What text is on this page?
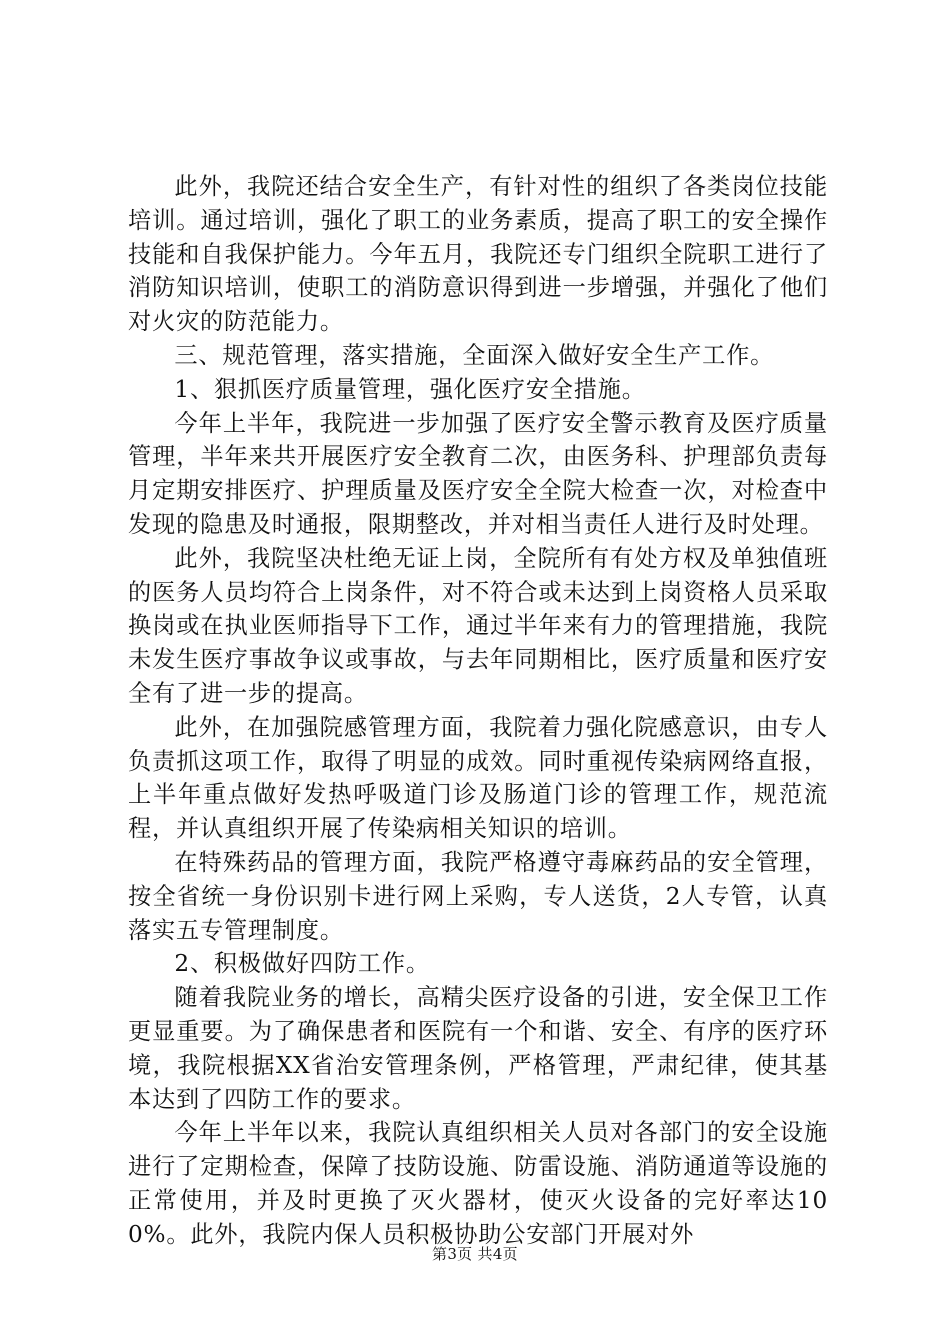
此外，我院还结合安全生产，有针对性的组织了各类岗位技能培训。通过培训，强化了职工的业务素质，提高了职工的安全操作技能和自我保护能力。今年五月，我院还专门组织全院职工进行了消防知识培训，使职工的消防意识得到进一步增强，并强化了他们对火灾的防范能力。

三、规范管理，落实措施，全面深入做好安全生产工作。

1、狠抓医疗质量管理，强化医疗安全措施。

今年上半年，我院进一步加强了医疗安全警示教育及医疗质量管理，半年来共开展医疗安全教育二次，由医务科、护理部负责每月定期安排医疗、护理质量及医疗安全全院大检查一次，对检查中发现的隐患及时通报，限期整改，并对相当责任人进行及时处理。

此外，我院坚决杜绝无证上岗，全院所有有处方权及单独值班的医务人员均符合上岗条件，对不符合或未达到上岗资格人员采取换岗或在执业医师指导下工作，通过半年来有力的管理措施，我院未发生医疗事故争议或事故，与去年同期相比，医疗质量和医疗安全有了进一步的提高。

此外，在加强院感管理方面，我院着力强化院感意识，由专人负责抓这项工作，取得了明显的成效。同时重视传染病网络直报，上半年重点做好发热呼吸道门诊及肠道门诊的管理工作，规范流程，并认真组织开展了传染病相关知识的培训。

在特殊药品的管理方面，我院严格遵守毒麻药品的安全管理，按全省统一身份识别卡进行网上采购，专人送货，2人专管，认真落实五专管理制度。

2、积极做好四防工作。

随着我院业务的增长，高精尖医疗设备的引进，安全保卫工作更显重要。为了确保患者和医院有一个和谐、安全、有序的医疗环境，我院根据XX省治安管理条例，严格管理，严肃纪律，使其基本达到了四防工作的要求。

今年上半年以来，我院认真组织相关人员对各部门的安全设施进行了定期检查，保障了技防设施、防雷设施、消防通道等设施的正常使用，并及时更换了灭火器材，使灭火设备的完好率达100%。此外，我院内保人员积极协助公安部门开展对外

第3页 共4页
